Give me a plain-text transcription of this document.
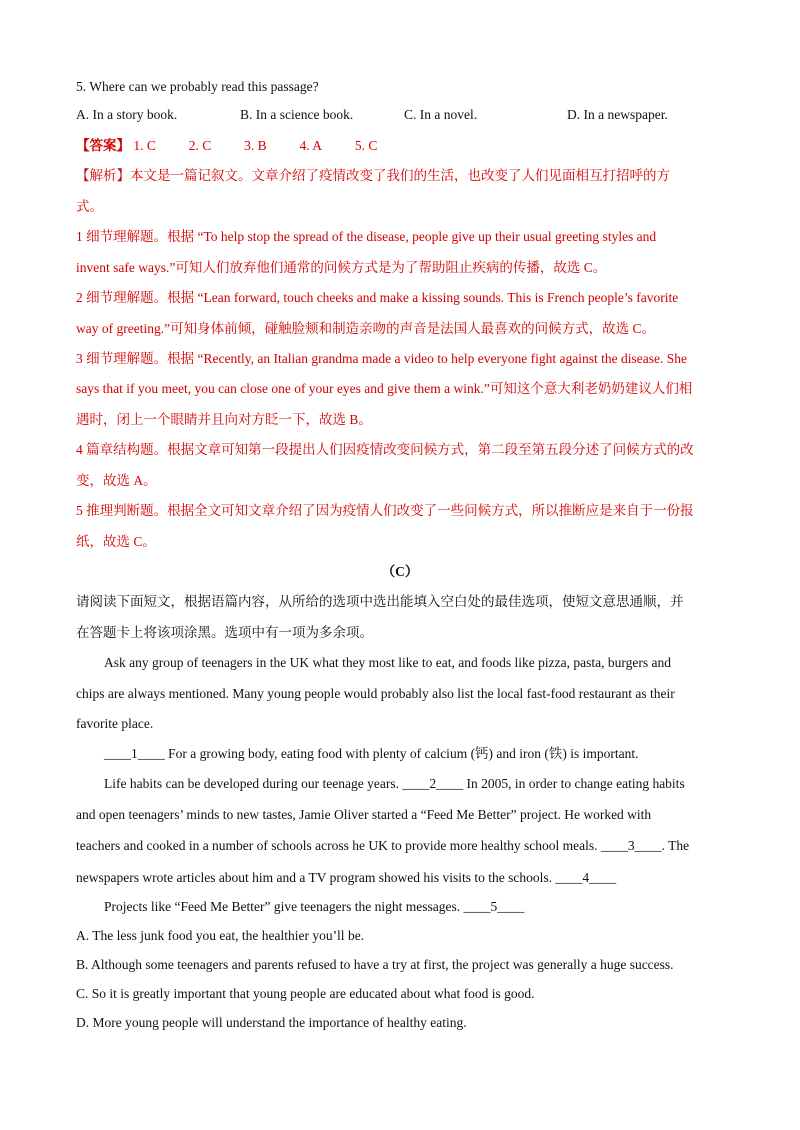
5. Where can we probably read this passage?
A. In a story book.	B. In a science book.	C. In a novel.	D. In a newspaper.
【答案】 1. C 2. C 3. B 4. A 5. C
【解析】本文是一篇记叙文。文章介绍了疫情改变了我们的生活，也改变了人们见面相互打招呼的方
式。
1 细节理解题。根据 “To help stop the spread of the disease, people give up their usual greeting styles and
invent safe ways.”可知人们放弃他们通常的问候方式是为了帮助阻止疾病的传播，故选 C。
2 细节理解题。根据 “Lean forward, touch cheeks and make a kissing sounds. This is French people’s favorite
way of greeting.”可知身体前倾，碰触脸颊和制造亲吻的声音是法国人最喜欢的问候方式，故选 C。
3 细节理解题。根据 “Recently, an Italian grandma made a video to help everyone fight against the disease. She
says that if you meet, you can close one of your eyes and give them a wink.”可知这个意大利老奶奶建议人们相
遇时，闭上一个眼睛并且向对方眨一下，故选 B。
4 篇章结构题。根据文章可知第一段提出人们因疫情改变问候方式，第二段至第五段分述了问候方式的改
变，故选 A。
5 推理判断题。根据全文可知文章介绍了因为疫情人们改变了一些问候方式，所以推断应是来自于一份报
纸，故选 C。
（C）
请阅读下面短文，根据语篇内容，从所给的选项中选出能填入空白处的最佳选项，使短文意思通顺，并
在答题卡上将该项涂黑。选项中有一项为多余项。
Ask any group of teenagers in the UK what they most like to eat, and foods like pizza, pasta, burgers and
chips are always mentioned. Many young people would probably also list the local fast-food restaurant as their
favorite place.
____1____ For a growing body, eating food with plenty of calcium (钙) and iron (铁) is important.
Life habits can be developed during our teenage years. ____2____ In 2005, in order to change eating habits
and open teenagers’ minds to new tastes, Jamie Oliver started a “Feed Me Better” project. He worked with
teachers and cooked in a number of schools across he UK to provide more healthy school meals. ____3____. The
newspapers wrote articles about him and a TV program showed his visits to the schools. ____4____
Projects like “Feed Me Better” give teenagers the night messages. ____5____
A. The less junk food you eat, the healthier you’ll be.
B. Although some teenagers and parents refused to have a try at first, the project was generally a huge success.
C. So it is greatly important that young people are educated about what food is good.
D. More young people will understand the importance of healthy eating.
